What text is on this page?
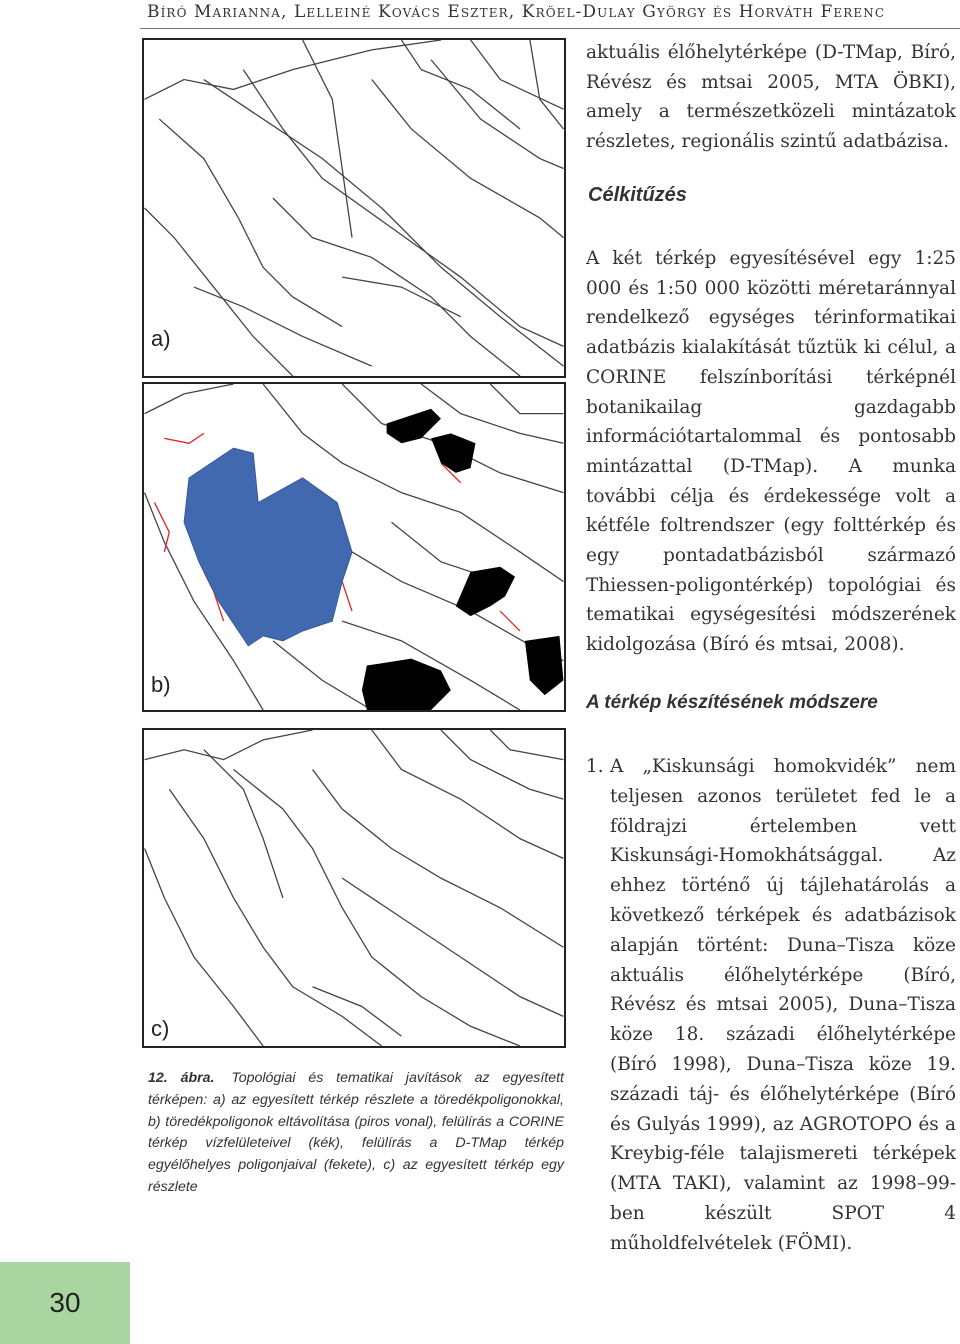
Bíró Marianna, Lelleiné Kovács Eszter, Kröel-Dulay György és Horváth Ferenc
a)
b)
c)
12. ábra. Topológiai és tematikai javítások az egyesített térképen: a) az egyesített térkép részlete a töredékpoligonokkal, b) töredékpoligonok eltávolítása (piros vonal), felülírás a CORINE térkép vízfelületeivel (kék), felülírás a D-TMap térkép egyélőhelyes poligonjaival (fekete), c) az egyesített térkép egy részlete
aktuális élőhelytérképe (D-TMap, Bíró, Révész és mtsai 2005, MTA ÖBKI), amely a természetközeli mintázatok részletes, regionális szintű adatbázisa.
Célkitűzés
A két térkép egyesítésével egy 1:25 000 és 1:50 000 közötti méretaránnyal rendelkező egységes térinformatikai adatbázis kialakítását tűztük ki célul, a CORINE felszínborítási térképnél botanikailag gazdagabb információtartalommal és pontosabb mintázattal (D-TMap). A munka további célja és érdekessége volt a kétféle foltrendszer (egy folttérkép és egy pontadatbázisból származó Thiessen-poligontérkép) topológiai és tematikai egységesítési módszerének kidolgozása (Bíró és mtsai, 2008).
A térkép készítésének módszere
1. A „Kiskunsági homokvidék” nem teljesen azonos területet fed le a földrajzi értelemben vett Kiskunsági-Homokhátsággal. Az ehhez történő új tájlehatárolás a következő térképek és adatbázisok alapján történt: Duna–Tisza köze aktuális élőhelytérképe (Bíró, Révész és mtsai 2005), Duna–Tisza köze 18. századi élőhelytérképe (Bíró 1998), Duna–Tisza köze 19. századi táj- és élőhelytérképe (Bíró és Gulyás 1999), az AGROTOPO és a Kreybig-féle talajismereti térképek (MTA TAKI), valamint az 1998–99-ben készült SPOT 4 műholdfelvételek (FÖMI).
30
